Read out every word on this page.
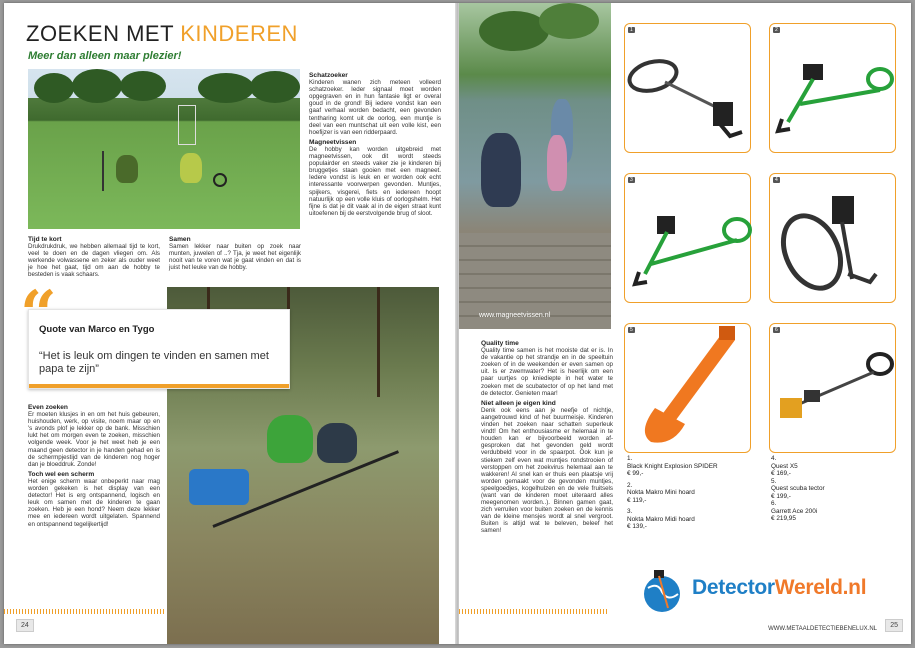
ZOEKEN MET KINDEREN
Meer dan alleen maar plezier!
Tijd te kort
Drukdrukdruk, we hebben allemaal tijd te kort, veel te doen en de dagen vliegen om. Als werkende volwassene en zeker als ouder weet je hoe het gaat, tijd om aan de hobby te besteden is vaak schaars.
Samen
Samen lekker naar buiten op zoek naar munten, juwelen of ..? Tja, je weet het eigenlijk nooit van te voren wat je gaat vinden en dat is juist het leuke van de hobby.
Schatzoeker
Kinderen wanen zich meteen volleerd schatzoeker. Ieder signaal moet worden opgegraven en in hun fantasie ligt er overal goud in de grond! Bij iedere vondst kan een gaaf verhaal worden bedacht, een gevonden tentharing komt uit de oorlog, een muntje is deel van een muntschat uit een volle kist, een hoefijzer is van een ridderpaard.
Magneetvissen
De hobby kan worden uitgebreid met magneetvissen, ook dit wordt steeds populairder en steeds vaker zie je kinderen bij bruggetjes staan gooien met een magneet. Iedere vondst is leuk en er worden ook echt interessante voorwerpen gevonden. Muntjes, spijkers, visgerei, fiets en iedereen hoopt natuurlijk op een volle kluis of oorlogshelm. Het fijne is dat je dit vaak al in de eigen straat kunt uitoefenen bij de eerstvolgende brug of sloot.
Quote van Marco en Tygo
“Het is leuk om dingen te vinden en samen met papa te zijn”
“
Even zoeken
Er moeten klusjes in en om het huis gebeuren, huishouden, werk, op visite, noem maar op en 's avonds plof je lekker op de bank. Misschien lukt het om morgen even te zoeken, misschien volgende week. Voor je het weet heb je een maand geen detector in je handen gehad en is de schermpjestijd van de kinderen nog hoger dan je bloeddruk. Zonde!
Toch wel een scherm
Het enige scherm waar onbeperkt naar mag worden gekeken is het display van een detector! Het is erg ontspannend, logisch en leuk om samen met de kinderen te gaan zoeken. Heb je een hond? Neem deze lekker mee en iedereen wordt uitgelaten. Spannend en ontspannend tegelijkertijd!
24
www.magneetvissen.nl
Quality time
Quality time samen is het mooiste dat er is. In de vakantie op het strandje en in de speeltuin zoeken of in de weekenden er even samen op uit. Is er zwemwater? Het is heerlijk om een paar uurtjes op kniediepte in het water te zoeken met de scubatector of op het land met de detector. Genieten maar!
Niet alleen je eigen kind
Denk ook eens aan je neefje of nichtje, aangetrouwd kind of het buurmeisje. Kinderen vinden het zoeken naar schatten superleuk vindt! Om het enthousiasme er helemaal in te houden kan er bijvoorbeeld worden afgesproken dat het gevonden geld wordt verdubbeld voor in de spaarpot. Ook kun je stiekem zelf even wat muntjes rondstrooien of verstoppen om het zoekvirus helemaal aan te wakkeren! Al snel kan er thuis een plaatsje vrij worden gemaakt voor de gevonden muntjes, speelgoedjes, kogelhulzen en de vele fruitsels (want van de kinderen moet uiteraard alles meegenomen worden..). Binnen gamen gaat, zich verruilen voor buiten zoeken en de kennis van de kleine mensjes wordt al snel vergroot. Buiten is altijd wat te beleven, beleef het samen!
1	2
3	4
5	6
1.
Black Knight Explosion SPIDER
€ 99,-
2.
Nokta Makro Mini hoard
€ 119,-
3.
Nokta Makro Midi hoard
€ 139,-
4.
Quest X5
€ 169,-
5.
Quest scuba tector
€ 199,-
6.
Garrett Ace 200i
€ 219,95
WWW.METAALDETECTIEBENELUX.NL	25
DetectorWereld.nl
